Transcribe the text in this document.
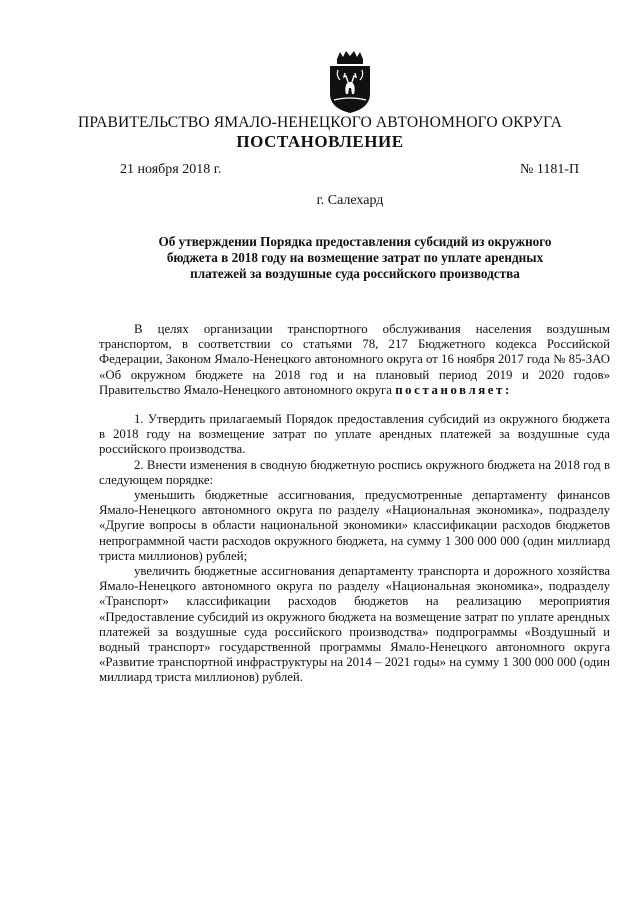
ПРАВИТЕЛЬСТВО ЯМАЛО-НЕНЕЦКОГО АВТОНОМНОГО ОКРУГА
ПОСТАНОВЛЕНИЕ
21 ноября 2018 г.	№ 1181-П
г. Салехард
Об утверждении Порядка предоставления субсидий из окружного бюджета в 2018 году на возмещение затрат по уплате арендных платежей за воздушные суда российского производства

В целях организации транспортного обслуживания населения воздушным транспортом, в соответствии со статьями 78, 217 Бюджетного кодекса Российской Федерации, Законом Ямало-Ненецкого автономного округа от 16 ноября 2017 года № 85-ЗАО «Об окружном бюджете на 2018 год и на плановый период 2019 и 2020 годов» Правительство Ямало-Ненецкого автономного округа постановляет:

1. Утвердить прилагаемый Порядок предоставления субсидий из окружного бюджета в 2018 году на возмещение затрат по уплате арендных платежей за воздушные суда российского производства.

2. Внести изменения в сводную бюджетную роспись окружного бюджета на 2018 год в следующем порядке:

уменьшить бюджетные ассигнования, предусмотренные департаменту финансов Ямало-Ненецкого автономного округа по разделу «Национальная экономика», подразделу «Другие вопросы в области национальной экономики» классификации расходов бюджетов непрограммной части расходов окружного бюджета, на сумму 1 300 000 000 (один миллиард триста миллионов) рублей;

увеличить бюджетные ассигнования департаменту транспорта и дорожного хозяйства Ямало-Ненецкого автономного округа по разделу «Национальная экономика», подразделу «Транспорт» классификации расходов бюджетов на реализацию мероприятия «Предоставление субсидий из окружного бюджета на возмещение затрат по уплате арендных платежей за воздушные суда российского производства» подпрограммы «Воздушный и водный транспорт» государственной программы Ямало-Ненецкого автономного округа «Развитие транспортной инфраструктуры на 2014 – 2021 годы» на сумму 1 300 000 000 (один миллиард триста миллионов) рублей.
